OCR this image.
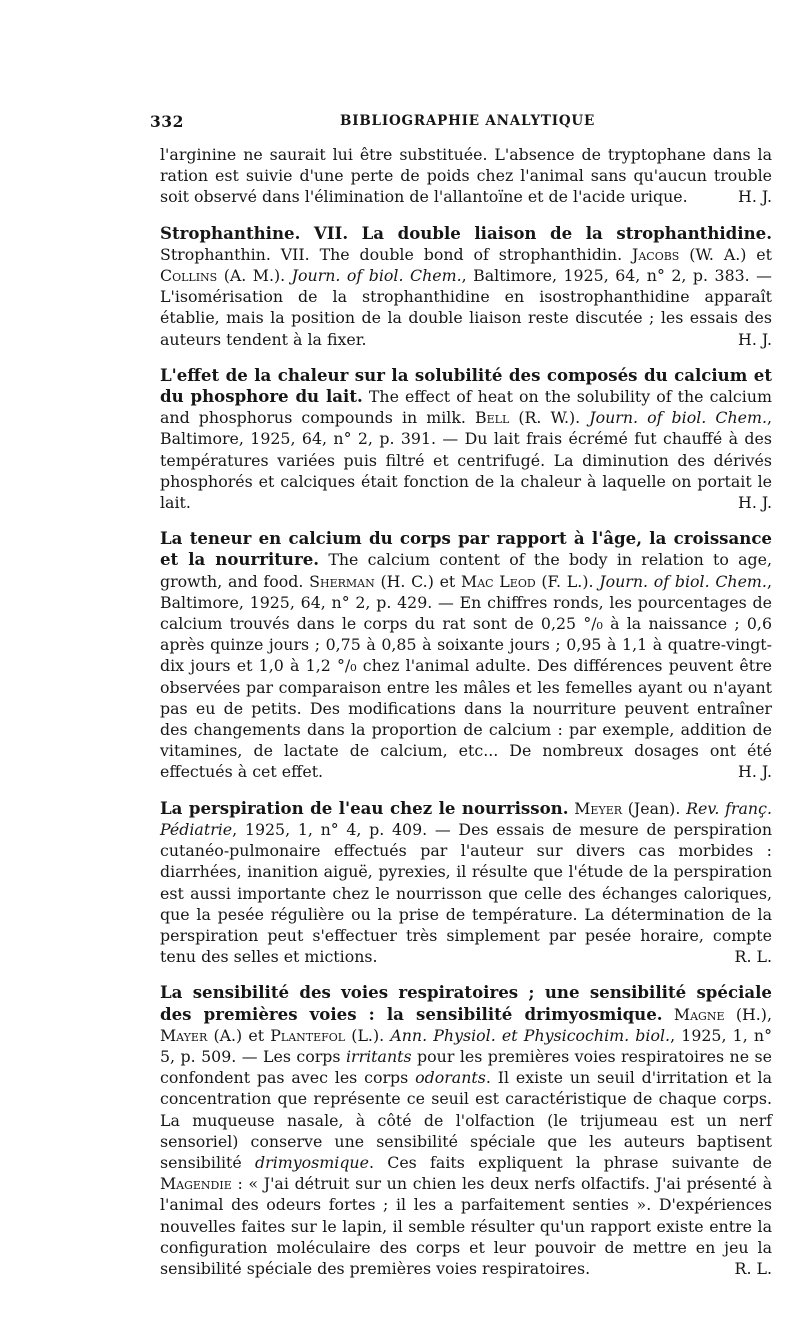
332	BIBLIOGRAPHIE ANALYTIQUE

l'arginine ne saurait lui être substituée. L'absence de tryptophane dans la ration est suivie d'une perte de poids chez l'animal sans qu'aucun trouble soit observé dans l'élimination de l'allantoïne et de l'acide urique.	H. J.

Strophanthine. VII. La double liaison de la strophanthidine. Strophanthin. VII. The double bond of strophanthidin. Jacobs (W. A.) et Collins (A. M.). Journ. of biol. Chem., Baltimore, 1925, 64, n° 2, p. 383. — L'isomérisation de la strophanthidine en isostrophanthidine apparaît établie, mais la position de la double liaison reste discutée ; les essais des auteurs tendent à la fixer.	H. J.

L'effet de la chaleur sur la solubilité des composés du calcium et du phosphore du lait. The effect of heat on the solubility of the calcium and phosphorus compounds in milk. Bell (R. W.). Journ. of biol. Chem., Baltimore, 1925, 64, n° 2, p. 391. — Du lait frais écrémé fut chauffé à des températures variées puis filtré et centrifugé. La diminution des dérivés phosphorés et calciques était fonction de la chaleur à laquelle on portait le lait.	H. J.

La teneur en calcium du corps par rapport à l'âge, la croissance et la nourriture. The calcium content of the body in relation to age, growth, and food. Sherman (H. C.) et Mac Leod (F. L.). Journ. of biol. Chem., Baltimore, 1925, 64, n° 2, p. 429. — En chiffres ronds, les pourcentages de calcium trouvés dans le corps du rat sont de 0,25 °/₀ à la naissance ; 0,6 après quinze jours ; 0,75 à 0,85 à soixante jours ; 0,95 à 1,1 à quatre-vingt-dix jours et 1,0 à 1,2 °/₀ chez l'animal adulte. Des différences peuvent être observées par comparaison entre les mâles et les femelles ayant ou n'ayant pas eu de petits. Des modifications dans la nourriture peuvent entraîner des changements dans la proportion de calcium : par exemple, addition de vitamines, de lactate de calcium, etc... De nombreux dosages ont été effectués à cet effet.	H. J.

La perspiration de l'eau chez le nourrisson. Meyer (Jean). Rev. franç. Pédiatrie, 1925, 1, n° 4, p. 409. — Des essais de mesure de perspiration cutanéo-pulmonaire effectués par l'auteur sur divers cas morbides : diarrhées, inanition aiguë, pyrexies, il résulte que l'étude de la perspiration est aussi importante chez le nourrisson que celle des échanges caloriques, que la pesée régulière ou la prise de température. La détermination de la perspiration peut s'effectuer très simplement par pesée horaire, compte tenu des selles et mictions.	R. L.

La sensibilité des voies respiratoires ; une sensibilité spéciale des premières voies : la sensibilité drimyosmique. Magne (H.), Mayer (A.) et Plantefol (L.). Ann. Physiol. et Physicochim. biol., 1925, 1, n° 5, p. 509. — Les corps irritants pour les premières voies respiratoires ne se confondent pas avec les corps odorants. Il existe un seuil d'irritation et la concentration que représente ce seuil est caractéristique de chaque corps. La muqueuse nasale, à côté de l'olfaction (le trijumeau est un nerf sensoriel) conserve une sensibilité spéciale que les auteurs baptisent sensibilité drimyosmique. Ces faits expliquent la phrase suivante de Magendie : « J'ai détruit sur un chien les deux nerfs olfactifs. J'ai présenté à l'animal des odeurs fortes ; il les a parfaitement senties ». D'expériences nouvelles faites sur le lapin, il semble résulter qu'un rapport existe entre la configuration moléculaire des corps et leur pouvoir de mettre en jeu la sensibilité spéciale des premières voies respiratoires.	R. L.
